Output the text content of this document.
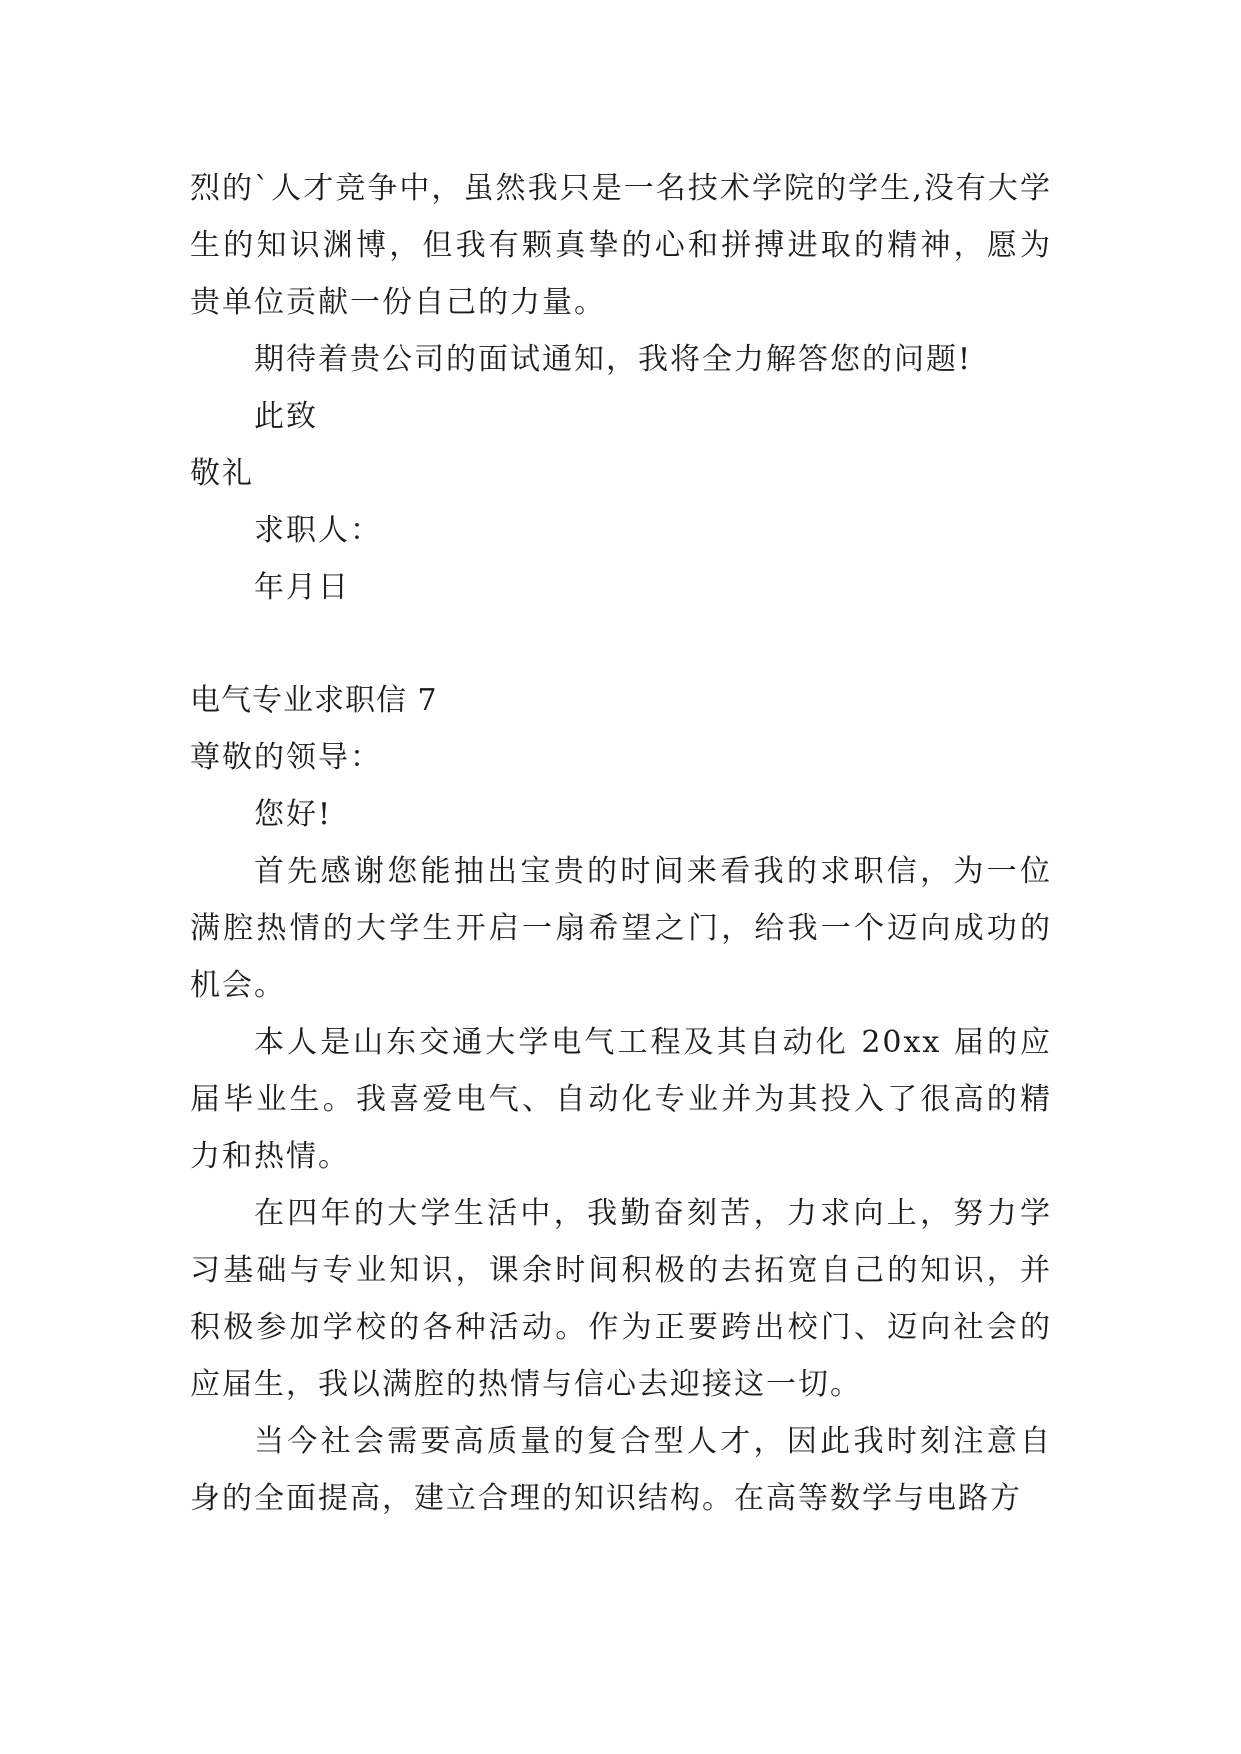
烈的`人才竞争中，虽然我只是一名技术学院的学生,没有大学生的知识渊博，但我有颗真挚的心和拼搏进取的精神，愿为贵单位贡献一份自己的力量。

期待着贵公司的面试通知，我将全力解答您的问题!

此致

敬礼

求职人：

年月日

电气专业求职信 7

尊敬的领导：

您好!

首先感谢您能抽出宝贵的时间来看我的求职信，为一位满腔热情的大学生开启一扇希望之门，给我一个迈向成功的机会。

本人是山东交通大学电气工程及其自动化 20xx 届的应届毕业生。我喜爱电气、自动化专业并为其投入了很高的精力和热情。

在四年的大学生活中，我勤奋刻苦，力求向上，努力学习基础与专业知识，课余时间积极的去拓宽自己的知识，并积极参加学校的各种活动。作为正要跨出校门、迈向社会的应届生，我以满腔的热情与信心去迎接这一切。

当今社会需要高质量的复合型人才，因此我时刻注意自身的全面提高，建立合理的知识结构。在高等数学与电路方
